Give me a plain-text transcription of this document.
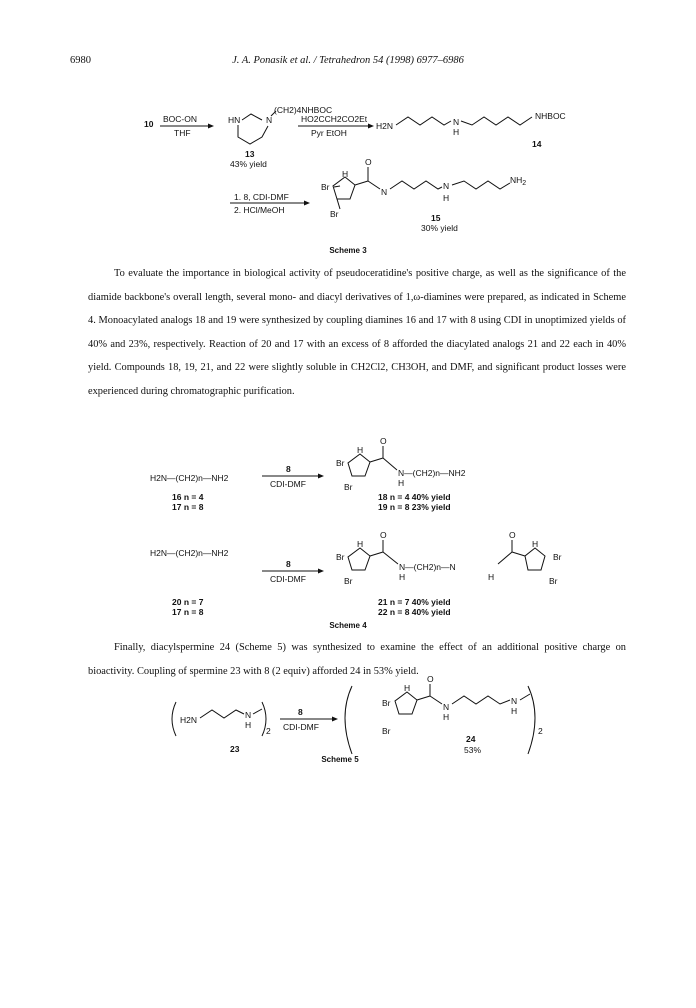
6980	J. A. Ponasik et al. / Tetrahedron 54 (1998) 6977–6986
10 BOC-ON
THF
HN	N
(CH2)4NHBOC
13
43% yield
HO2CCH2CO2Et
Pyr EtOH
H2N	N
H
NHBOC
14
1. 8, CDI-DMF
2. HCl/MeOH
Br
Br
H
O
N
N
H
$NH_2$
15
30% yield
Scheme 3
To evaluate the importance in biological activity of pseudoceratidine's positive charge, as well as the significance of the diamide backbone's overall length, several mono- and diacyl derivatives of 1,ω-diamines were prepared, as indicated in Scheme 4. Monoacylated analogs 18 and 19 were synthesized by coupling diamines 16 and 17 with 8 using CDI in unoptimized yields of 40% and 23%, respectively. Reaction of 20 and 17 with an excess of 8 afforded the diacylated analogs 21 and 22 each in 40% yield. Compounds 18, 19, 21, and 22 were slightly soluble in CH2Cl2, CH3OH, and DMF, and significant product losses were experienced during chromatographic purification.
H2N—(CH2)n—NH2
8
CDI-DMF
16 n = 4
17 n = 8
Br
Br
H
O
N—(CH2)n—NH2
H
18 n = 4 40% yield
19 n = 8 23% yield
H2N—(CH2)n—NH2
8
CDI-DMF
20 n = 7
17 n = 8
Br
Br
H
O
N—(CH2)n—N
H	H
O
H
Br
Br
21 n = 7 40% yield
22 n = 8 40% yield
Scheme 4
Finally, diacylspermine 24 (Scheme 5) was synthesized to examine the effect of an additional positive charge on bioactivity. Coupling of spermine 23 with 8 (2 equiv) afforded 24 in 53% yield.
H2N	N
H
2
23
8
CDI-DMF
Br
Br
H
O
N
H
N
H
2
24
53%
Scheme 5
